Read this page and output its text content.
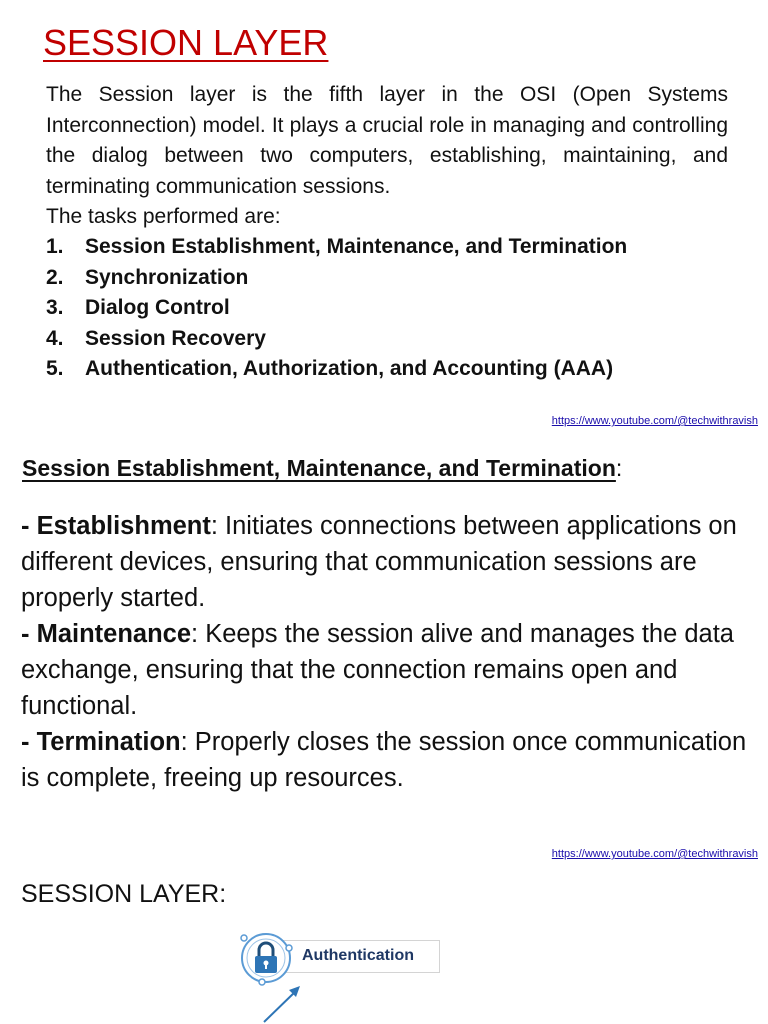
SESSION LAYER
The Session layer is the fifth layer in the OSI (Open Systems Interconnection) model. It plays a crucial role in managing and controlling the dialog between two computers, establishing, maintaining, and terminating communication sessions.
The tasks performed are:
1.	Session Establishment, Maintenance, and Termination
2.	Synchronization
3.	Dialog Control
4.	Session Recovery
5.	Authentication, Authorization, and Accounting (AAA)
https://www.youtube.com/@techwithravish
Session Establishment, Maintenance, and Termination:

- Establishment: Initiates connections between applications on different devices, ensuring that communication sessions are properly started.

- Maintenance: Keeps the session alive and manages the data exchange, ensuring that the connection remains open and functional.

- Termination: Properly closes the session once communication is complete, freeing up resources.

https://www.youtube.com/@techwithravish
SESSION LAYER:
Authentication
